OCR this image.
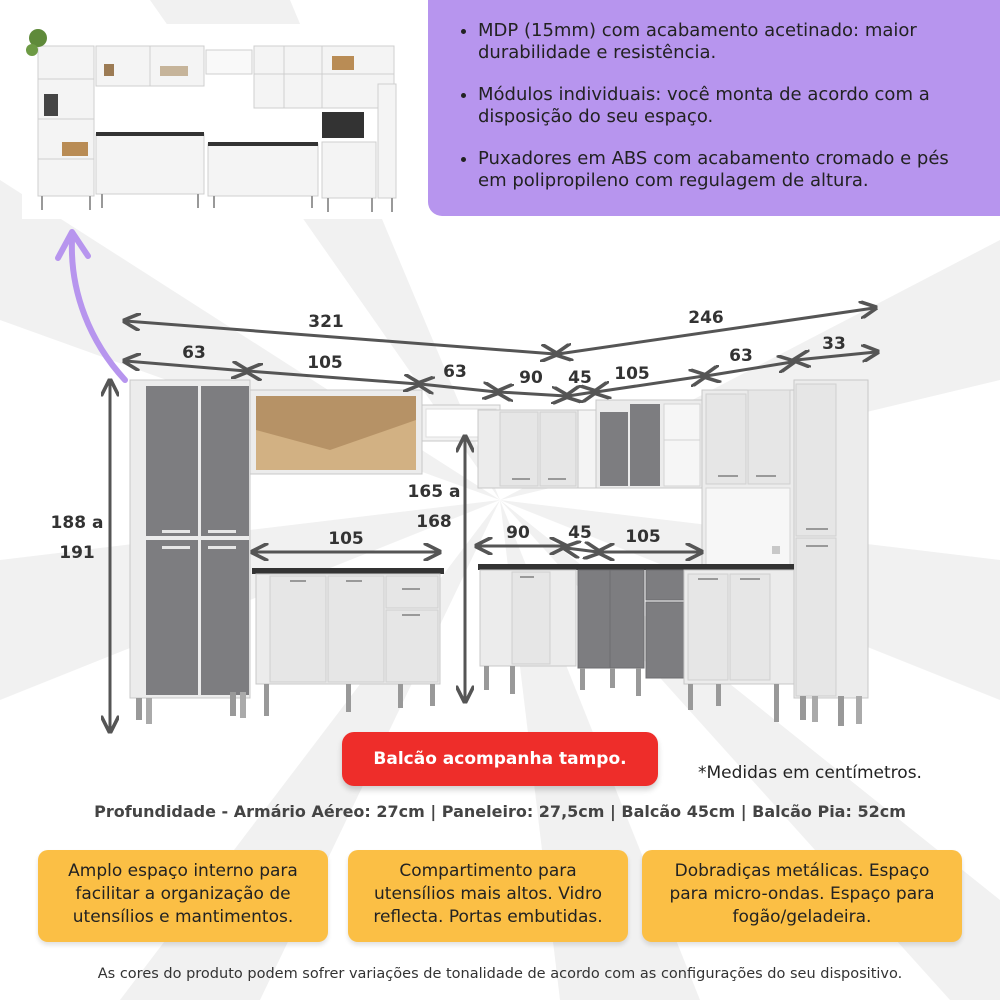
• MDP (15mm) com acabamento acetinado: maior durabilidade e resistência.
• Módulos individuais: você monta de acordo com a disposição do seu espaço.
• Puxadores em ABS com acabamento cromado e pés em polipropileno com regulagem de altura.
321	246
63	105	63	90 45 105
63
33
188 a
191
165 a
168
105	90 45 105
Balcão acompanha tampo.
*Medidas em centímetros.
Profundidade - Armário Aéreo: 27cm | Paneleiro: 27,5cm | Balcão 45cm | Balcão Pia: 52cm
Amplo espaço interno para facilitar a organização de utensílios e mantimentos.
Compartimento para utensílios mais altos. Vidro reflecta. Portas embutidas.
Dobradiças metálicas. Espaço para micro-ondas. Espaço para fogão/geladeira.
As cores do produto podem sofrer variações de tonalidade de acordo com as configurações do seu dispositivo.
